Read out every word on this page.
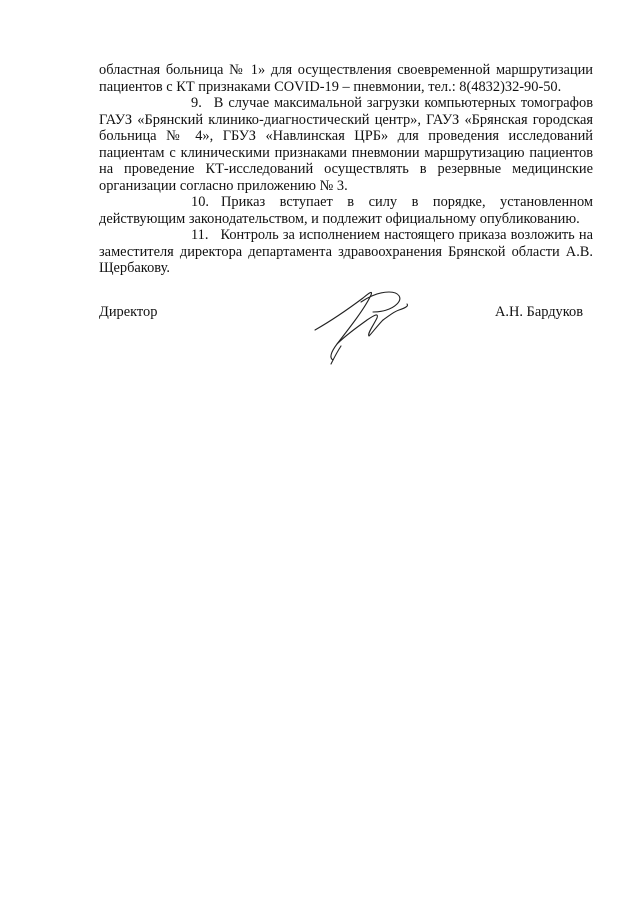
областная больница № 1» для осуществления своевременной маршрутизации пациентов с КТ признаками COVID-19 – пневмонии, тел.: 8(4832)32-90-50.

9. В случае максимальной загрузки компьютерных томографов ГАУЗ «Брянский клинико-диагностический центр», ГАУЗ «Брянская городская больница № 4», ГБУЗ «Навлинская ЦРБ» для проведения исследований пациентам с клиническими признаками пневмонии маршрутизацию пациентов на проведение КТ-исследований осуществлять в резервные медицинские организации согласно приложению № 3.

10. Приказ вступает в силу в порядке, установленном действующим законодательством, и подлежит официальному опубликованию.

11. Контроль за исполнением настоящего приказа возложить на заместителя директора департамента здравоохранения Брянской области А.В. Щербакову.

Директор	А.Н. Бардуков
